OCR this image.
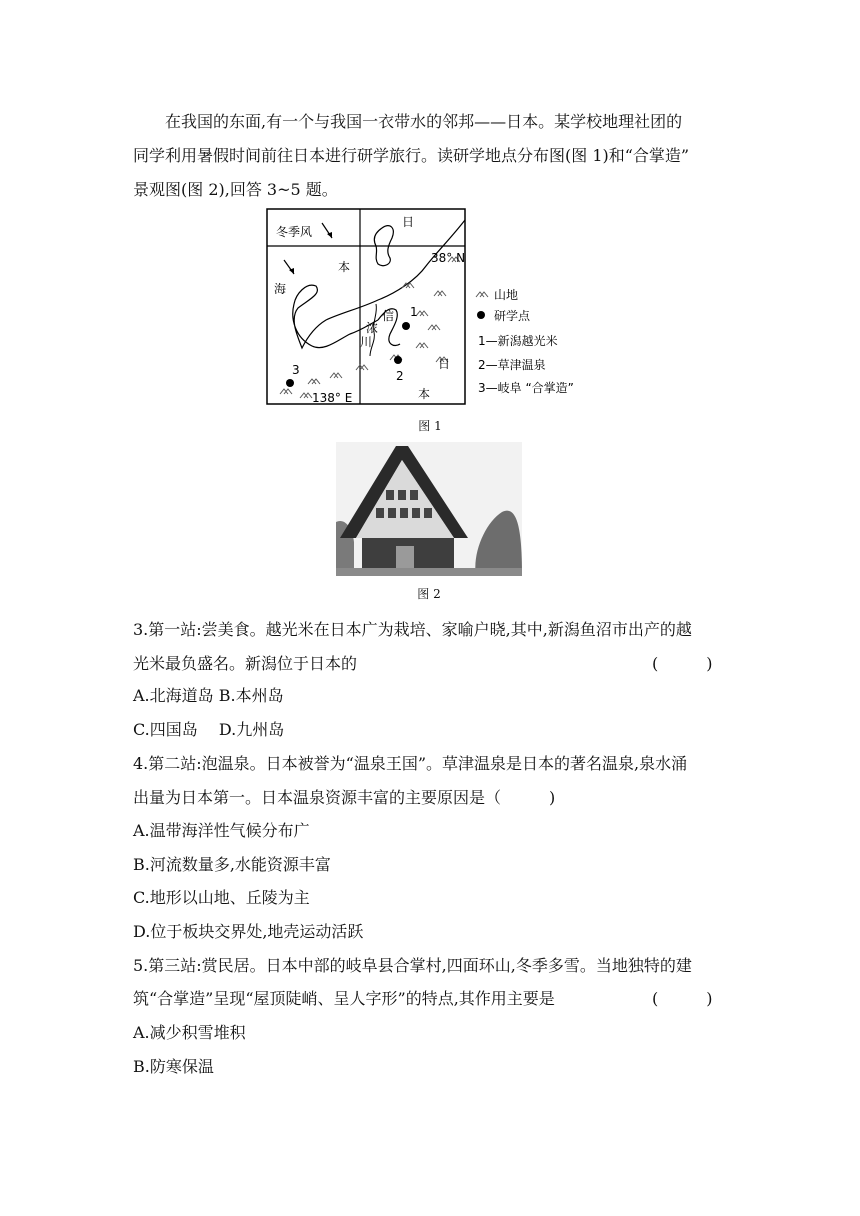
在我国的东面,有一个与我国一衣带水的邻邦——日本。某学校地理社团的
同学利用暑假时间前往日本进行研学旅行。读研学地点分布图(图 1)和“合掌造”
景观图(图 2),回答 3~5 题。
冬季风
海
本
日
38° N
138° E
浓
川
信
日
本
1
2
3
山地
研学点
1—新潟越光米
2—草津温泉
3—岐阜 “合掌造”
图 1
图 2
3.第一站:尝美食。越光米在日本广为栽培、家喻户晓,其中,新潟鱼沼市出产的越
光米最负盛名。新潟位于日本的	(　　　)
A.北海道岛 B.本州岛
C.四国岛　 D.九州岛
4.第二站:泡温泉。日本被誉为“温泉王国”。草津温泉是日本的著名温泉,泉水涌
出量为日本第一。日本温泉资源丰富的主要原因是（　　　)
A.温带海洋性气候分布广
B.河流数量多,水能资源丰富
C.地形以山地、丘陵为主
D.位于板块交界处,地壳运动活跃
5.第三站:赏民居。日本中部的岐阜县合掌村,四面环山,冬季多雪。当地独特的建
筑“合掌造”呈现“屋顶陡峭、呈人字形”的特点,其作用主要是	(　　　)
A.减少积雪堆积
B.防寒保温
